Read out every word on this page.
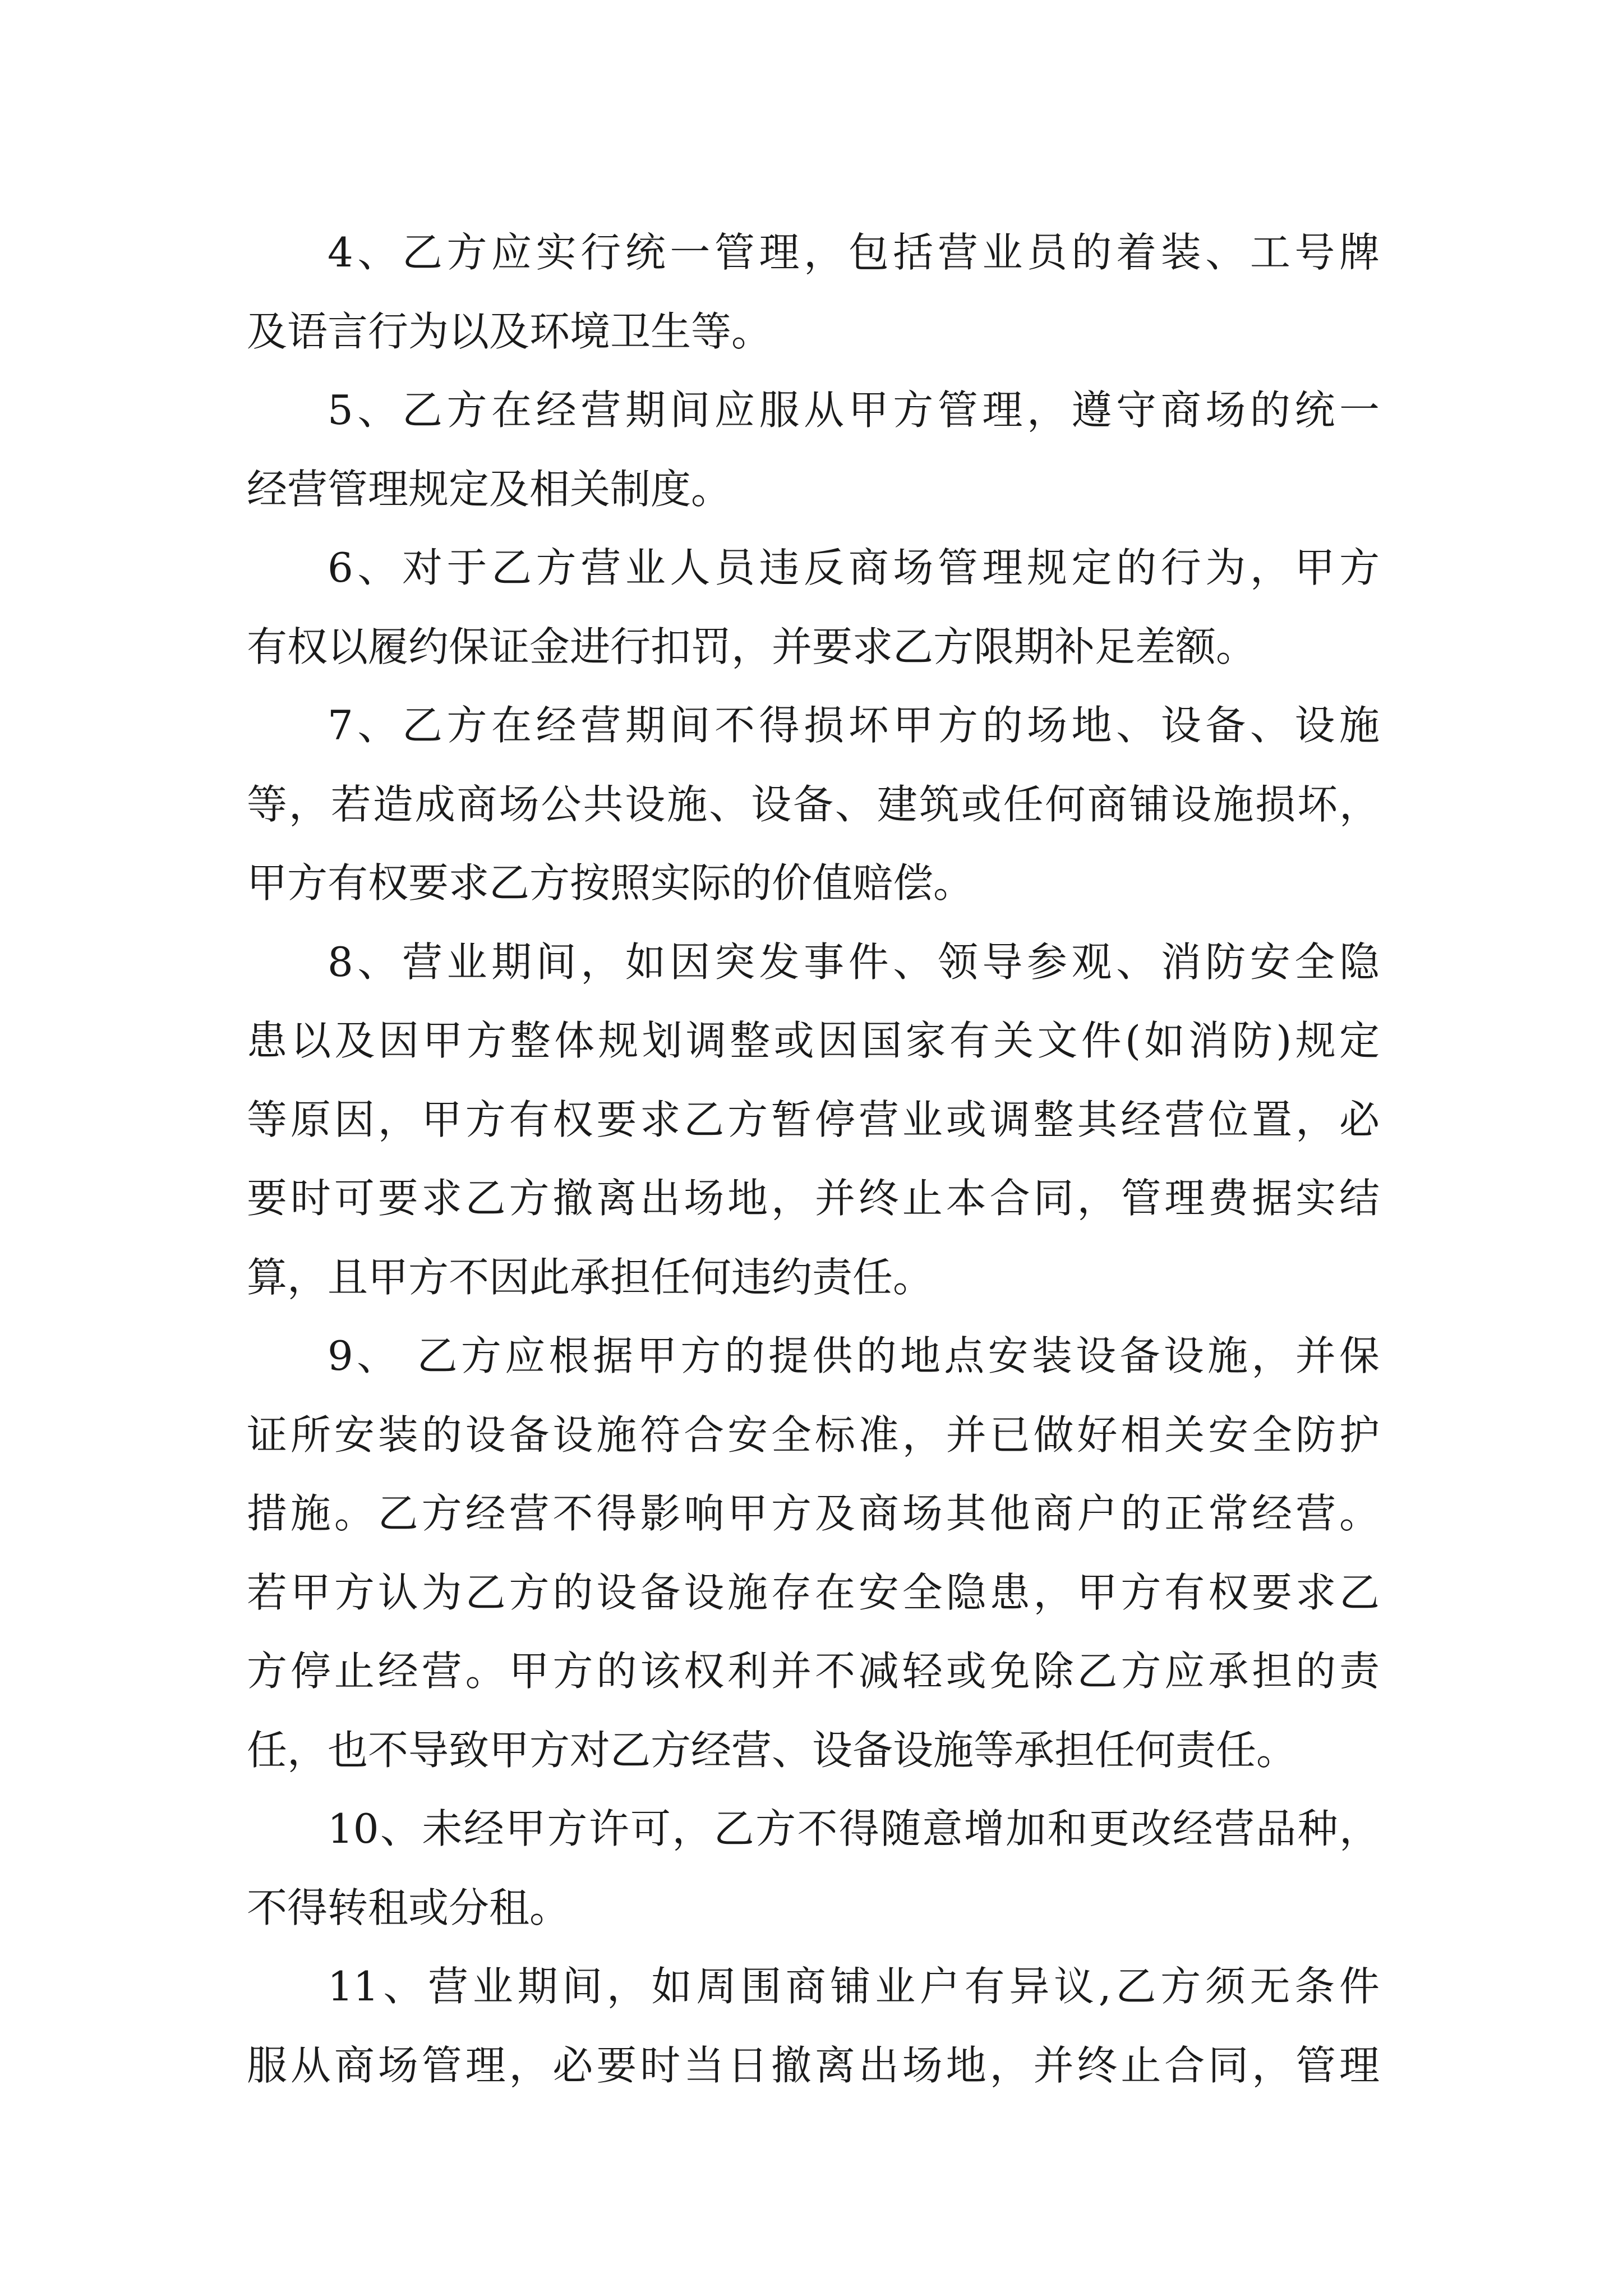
4、乙方应实行统一管理，包括营业员的着装、工号牌
及语言行为以及环境卫生等。
5、乙方在经营期间应服从甲方管理，遵守商场的统一
经营管理规定及相关制度。
6、对于乙方营业人员违反商场管理规定的行为，甲方
有权以履约保证金进行扣罚，并要求乙方限期补足差额。
7、乙方在经营期间不得损坏甲方的场地、设备、设施
等，若造成商场公共设施、设备、建筑或任何商铺设施损坏，
甲方有权要求乙方按照实际的价值赔偿。
8、营业期间，如因突发事件、领导参观、消防安全隐
患以及因甲方整体规划调整或因国家有关文件(如消防)规定
等原因，甲方有权要求乙方暂停营业或调整其经营位置，必
要时可要求乙方撤离出场地，并终止本合同，管理费据实结
算，且甲方不因此承担任何违约责任。
9、 乙方应根据甲方的提供的地点安装设备设施，并保
证所安装的设备设施符合安全标准，并已做好相关安全防护
措施。乙方经营不得影响甲方及商场其他商户的正常经营。
若甲方认为乙方的设备设施存在安全隐患，甲方有权要求乙
方停止经营。甲方的该权利并不减轻或免除乙方应承担的责
任，也不导致甲方对乙方经营、设备设施等承担任何责任。
10、未经甲方许可，乙方不得随意增加和更改经营品种，
不得转租或分租。
11、营业期间，如周围商铺业户有异议,乙方须无条件
服从商场管理，必要时当日撤离出场地，并终止合同，管理
